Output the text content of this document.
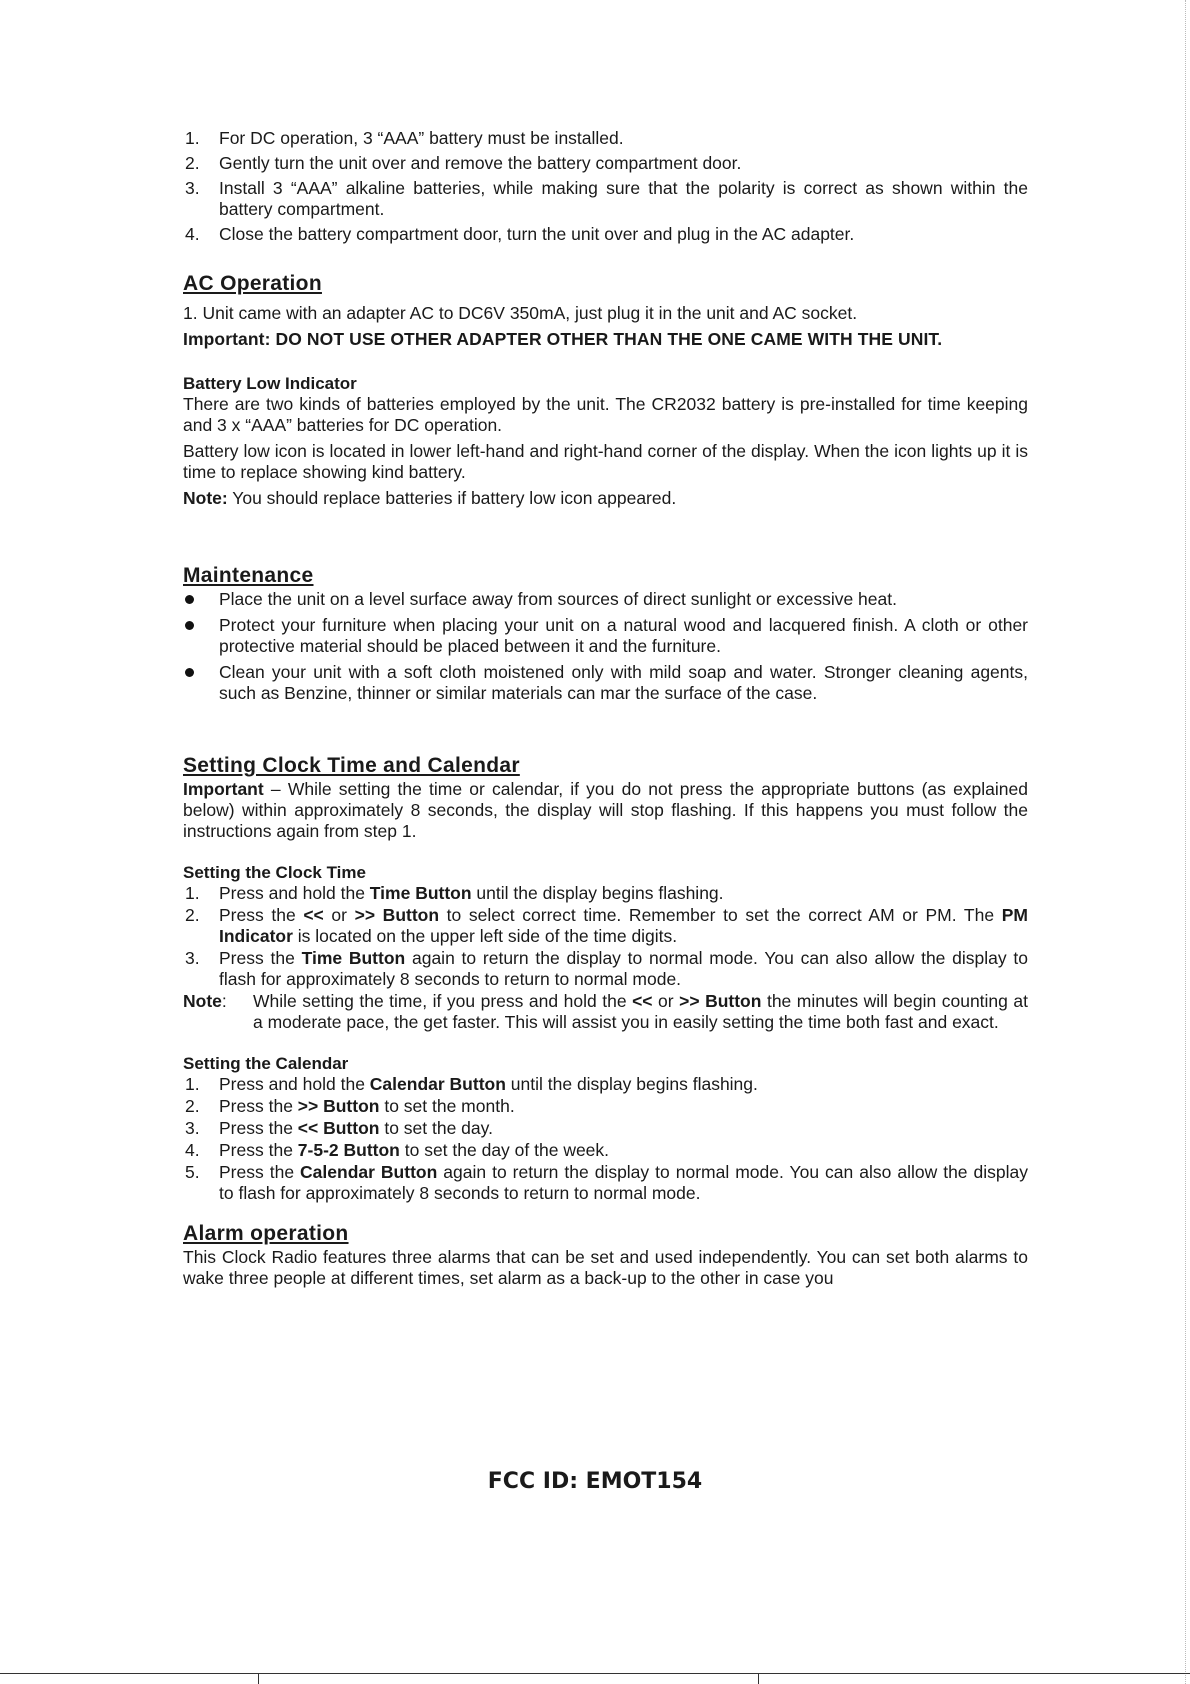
1. For DC operation, 3 “AAA” battery must be installed.
2. Gently turn the unit over and remove the battery compartment door.
3. Install 3 “AAA” alkaline batteries, while making sure that the polarity is correct as shown within the battery compartment.
4. Close the battery compartment door, turn the unit over and plug in the AC adapter.
AC Operation

1. Unit came with an adapter AC to DC6V 350mA, just plug it in the unit and AC socket.

Important: DO NOT USE OTHER ADAPTER OTHER THAN THE ONE CAME WITH THE UNIT.

Battery Low Indicator

There are two kinds of batteries employed by the unit. The CR2032 battery is pre-installed for time keeping and 3 x “AAA” batteries for DC operation.

Battery low icon is located in lower left-hand and right-hand corner of the display. When the icon lights up it is time to replace showing kind battery.

Note: You should replace batteries if battery low icon appeared.

Maintenance
Place the unit on a level surface away from sources of direct sunlight or excessive heat.
Protect your furniture when placing your unit on a natural wood and lacquered finish. A cloth or other protective material should be placed between it and the furniture.
Clean your unit with a soft cloth moistened only with mild soap and water. Stronger cleaning agents, such as Benzine, thinner or similar materials can mar the surface of the case.
Setting Clock Time and Calendar

Important – While setting the time or calendar, if you do not press the appropriate buttons (as explained below) within approximately 8 seconds, the display will stop flashing. If this happens you must follow the instructions again from step 1.

Setting the Clock Time
1. Press and hold the Time Button until the display begins flashing.
2. Press the << or >> Button to select correct time. Remember to set the correct AM or PM. The PM Indicator is located on the upper left side of the time digits.
3. Press the Time Button again to return the display to normal mode. You can also allow the display to flash for approximately 8 seconds to return to normal mode.
Note:	While setting the time, if you press and hold the << or >> Button the minutes will begin counting at a moderate pace, the get faster. This will assist you in easily setting the time both fast and exact.
Setting the Calendar
1. Press and hold the Calendar Button until the display begins flashing.
2. Press the >> Button to set the month.
3. Press the << Button to set the day.
4. Press the 7-5-2 Button to set the day of the week.
5. Press the Calendar Button again to return the display to normal mode. You can also allow the display to flash for approximately 8 seconds to return to normal mode.
Alarm operation

This Clock Radio features three alarms that can be set and used independently. You can set both alarms to wake three people at different times, set alarm as a back-up to the other in case you

FCC ID: EMOT154
